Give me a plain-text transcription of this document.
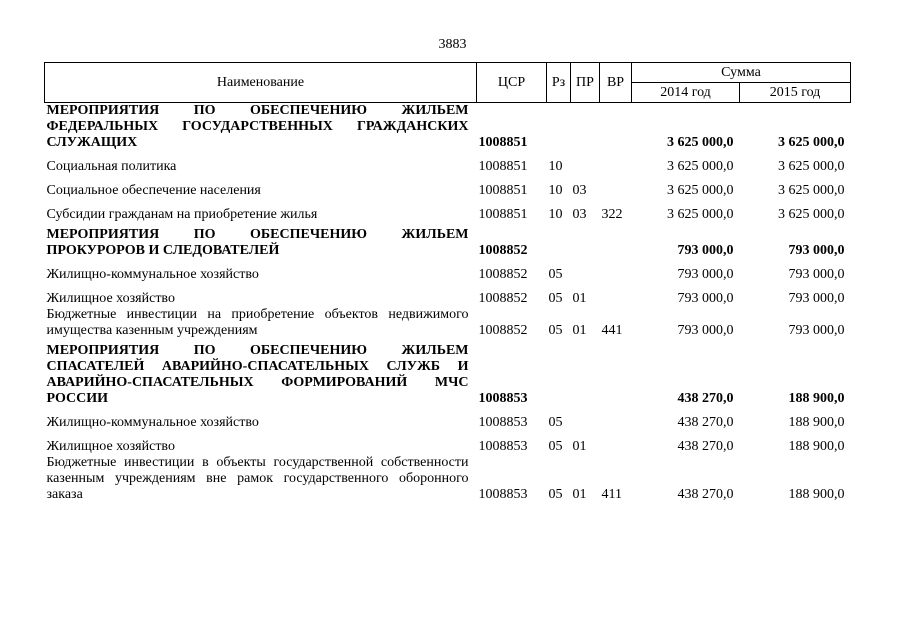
3883
Наименование	ЦСР	Рз	ПР	ВР	Сумма	
					2014 год	2015 год
МЕРОПРИЯТИЯ ПО ОБЕСПЕЧЕНИЮ ЖИЛЬЕМ ФЕДЕРАЛЬНЫХ ГОСУДАРСТВЕННЫХ ГРАЖДАНСКИХ СЛУЖАЩИХ	1008851				3 625 000,0	3 625 000,0
Социальная политика	1008851	10			3 625 000,0	3 625 000,0
Социальное обеспечение населения	1008851	10	03		3 625 000,0	3 625 000,0
Субсидии гражданам на приобретение жилья	1008851	10	03	322	3 625 000,0	3 625 000,0
МЕРОПРИЯТИЯ ПО ОБЕСПЕЧЕНИЮ ЖИЛЬЕМ ПРОКУРОРОВ И СЛЕДОВАТЕЛЕЙ	1008852				793 000,0	793 000,0
Жилищно-коммунальное хозяйство	1008852	05			793 000,0	793 000,0
Жилищное хозяйство	1008852	05	01		793 000,0	793 000,0
Бюджетные инвестиции на приобретение объектов недвижимого имущества казенным учреждениям	1008852	05	01	441	793 000,0	793 000,0
МЕРОПРИЯТИЯ ПО ОБЕСПЕЧЕНИЮ ЖИЛЬЕМ СПАСАТЕЛЕЙ АВАРИЙНО-СПАСАТЕЛЬНЫХ СЛУЖБ И АВАРИЙНО-СПАСАТЕЛЬНЫХ ФОРМИРОВАНИЙ МЧС РОССИИ	1008853				438 270,0	188 900,0
Жилищно-коммунальное хозяйство	1008853	05			438 270,0	188 900,0
Жилищное хозяйство	1008853	05	01		438 270,0	188 900,0
Бюджетные инвестиции в объекты государственной собственности казенным учреждениям вне рамок государственного оборонного заказа	1008853	05	01	411	438 270,0	188 900,0
